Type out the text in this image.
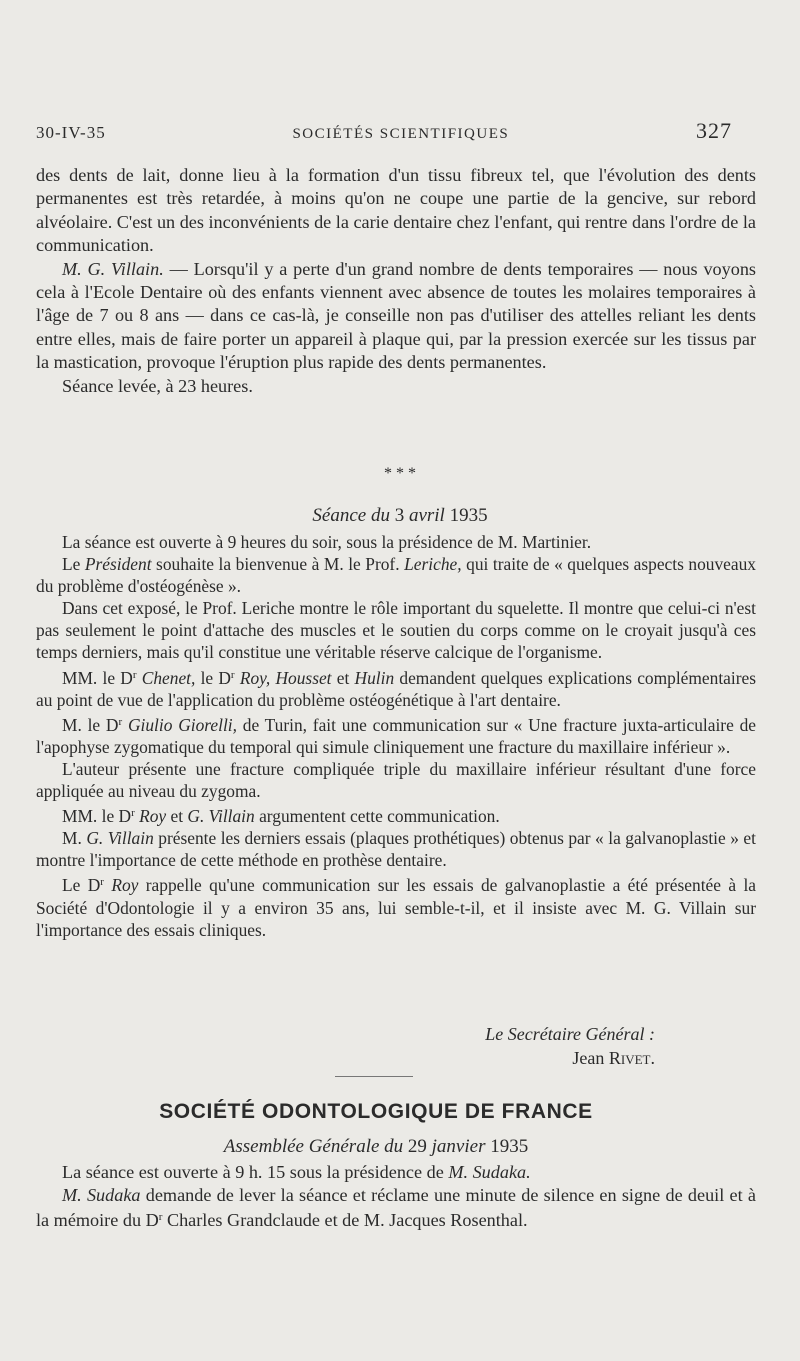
30-IV-35	SOCIÉTÉS SCIENTIFIQUES	327

des dents de lait, donne lieu à la formation d'un tissu fibreux tel, que l'évolution des dents permanentes est très retardée, à moins qu'on ne coupe une partie de la gencive, sur rebord alvéolaire. C'est un des inconvénients de la carie dentaire chez l'enfant, qui rentre dans l'ordre de la communication.

M. G. Villain. — Lorsqu'il y a perte d'un grand nombre de dents temporaires — nous voyons cela à l'Ecole Dentaire où des enfants viennent avec absence de toutes les molaires temporaires à l'âge de 7 ou 8 ans — dans ce cas-là, je conseille non pas d'utiliser des attelles reliant les dents entre elles, mais de faire porter un appareil à plaque qui, par la pression exercée sur les tissus par la mastication, provoque l'éruption plus rapide des dents permanentes.

Séance levée, à 23 heures.

* * *
Séance du 3 avril 1935

La séance est ouverte à 9 heures du soir, sous la présidence de M. Martinier.

Le Président souhaite la bienvenue à M. le Prof. Leriche, qui traite de « quelques aspects nouveaux du problème d'ostéogénèse ».

Dans cet exposé, le Prof. Leriche montre le rôle important du squelette. Il montre que celui-ci n'est pas seulement le point d'attache des muscles et le soutien du corps comme on le croyait jusqu'à ces temps derniers, mais qu'il constitue une véritable réserve calcique de l'organisme.

MM. le $D^r$ Chenet, le $D^r$ Roy, Housset et Hulin demandent quelques explications complémentaires au point de vue de l'application du problème ostéogénétique à l'art dentaire.

M. le $D^r$ Giulio Giorelli, de Turin, fait une communication sur « Une fracture juxta-articulaire de l'apophyse zygomatique du temporal qui simule cliniquement une fracture du maxillaire inférieur ».

L'auteur présente une fracture compliquée triple du maxillaire inférieur résultant d'une force appliquée au niveau du zygoma.

MM. le $D^r$ Roy et G. Villain argumentent cette communication.

M. G. Villain présente les derniers essais (plaques prothétiques) obtenus par « la galvanoplastie » et montre l'importance de cette méthode en prothèse dentaire.

Le $D^r$ Roy rappelle qu'une communication sur les essais de galvanoplastie a été présentée à la Société d'Odontologie il y a environ 35 ans, lui semble-t-il, et il insiste avec M. G. Villain sur l'importance des essais cliniques.

Le Secrétaire Général :
Jean Rivet.
SOCIÉTÉ ODONTOLOGIQUE DE FRANCE
Assemblée Générale du 29 janvier 1935

La séance est ouverte à 9 h. 15 sous la présidence de M. Sudaka.

M. Sudaka demande de lever la séance et réclame une minute de silence en signe de deuil et à la mémoire du $D^r$ Charles Grandclaude et de M. Jacques Rosenthal.
